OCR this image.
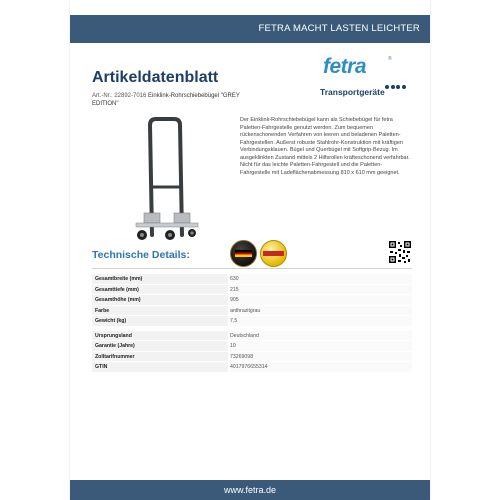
FETRA MACHT LASTEN LEICHTER
Artikeldatenblatt
Art.-Nr.: 22892-7016 Einklink-Rohrschiebebügel "GREY EDITION"
fetra	®
Transportgeräte
Der Einklink-Rohrschiebebügel kann als Schiebebügel für fetra Paletten-Fahrgestelle genutzt werden. Zum bequemen rückenschonenden Verfahren von leeren und beladenen Paletten-Fahrgestellen. Außerst robuste Stahlrohr-Konstruktion mit kräftigen Verbindungsklauen. Bügel und Querbügel mit Softgrip-Bezug. Im ausgeklinkten Zustand mittels 2 Hilfsrollen kräfteschonend verfahrbar. Nicht für das leichte Paletten-Fahrgestell und die Paletten-Fahrgestelle mit Ladeflächenabmessung 810 x 610 mm geeignet.
Technische Details:
Gesamtbreite (mm)	630
Gesamttiefe (mm)	215
Gesamthöhe (mm)	905
Farbe	anthrazitgrau
Gewicht (kg)	7,5
Ursprungsland	Deutschland
Garantie (Jahre)	10
Zolltarifnummer	73269098
GTIN	4017976655314
www.fetra.de
